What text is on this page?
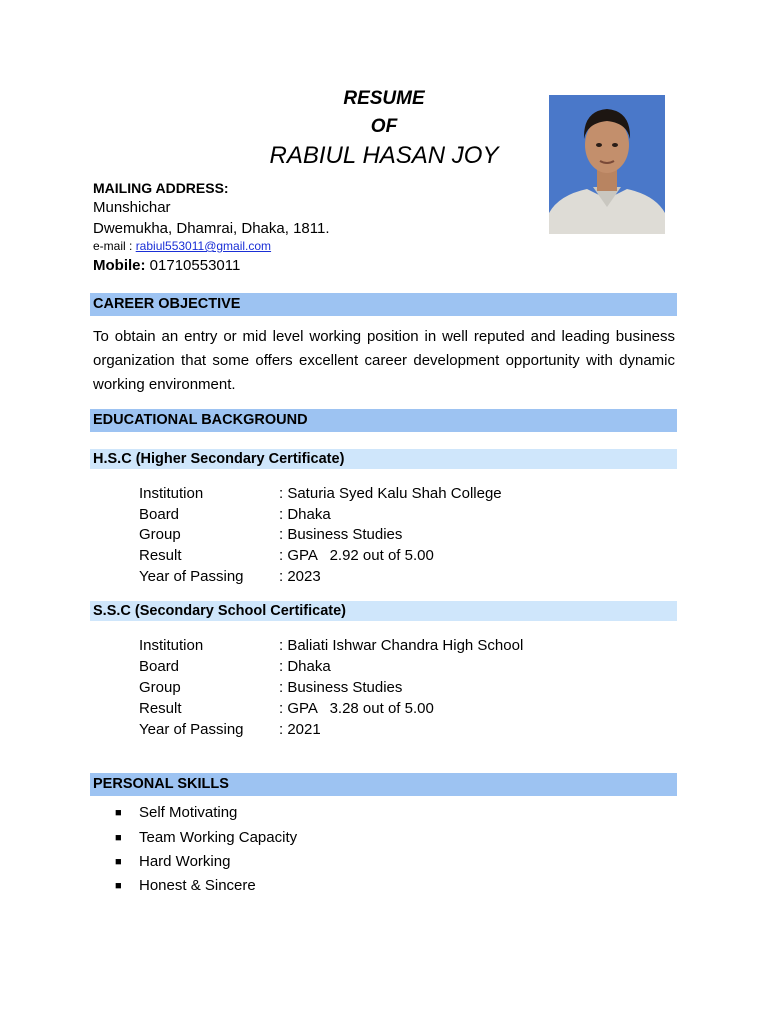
RESUME
OF
RABIUL HASAN JOY
MAILING ADDRESS:
Munshichar
Dwemukha, Dhamrai, Dhaka, 1811.
e-mail : rabiul553011@gmail.com
Mobile: 01710553011
CAREER OBJECTIVE
To obtain an entry or mid level working position in well reputed and leading business organization that some offers excellent career development opportunity with dynamic working environment.
EDUCATIONAL BACKGROUND
H.S.C (Higher Secondary Certificate)
Institution	: Saturia Syed Kalu Shah College
Board	: Dhaka
Group	: Business Studies
Result	: GPA   2.92 out of 5.00
Year of Passing : 2023
S.S.C (Secondary School Certificate)
Institution	: Baliati Ishwar Chandra High School
Board	: Dhaka
Group	: Business Studies
Result	: GPA   3.28 out of 5.00
Year of Passing : 2021
PERSONAL SKILLS
■ Self Motivating
■ Team Working Capacity
■ Hard Working
■ Honest & Sincere
